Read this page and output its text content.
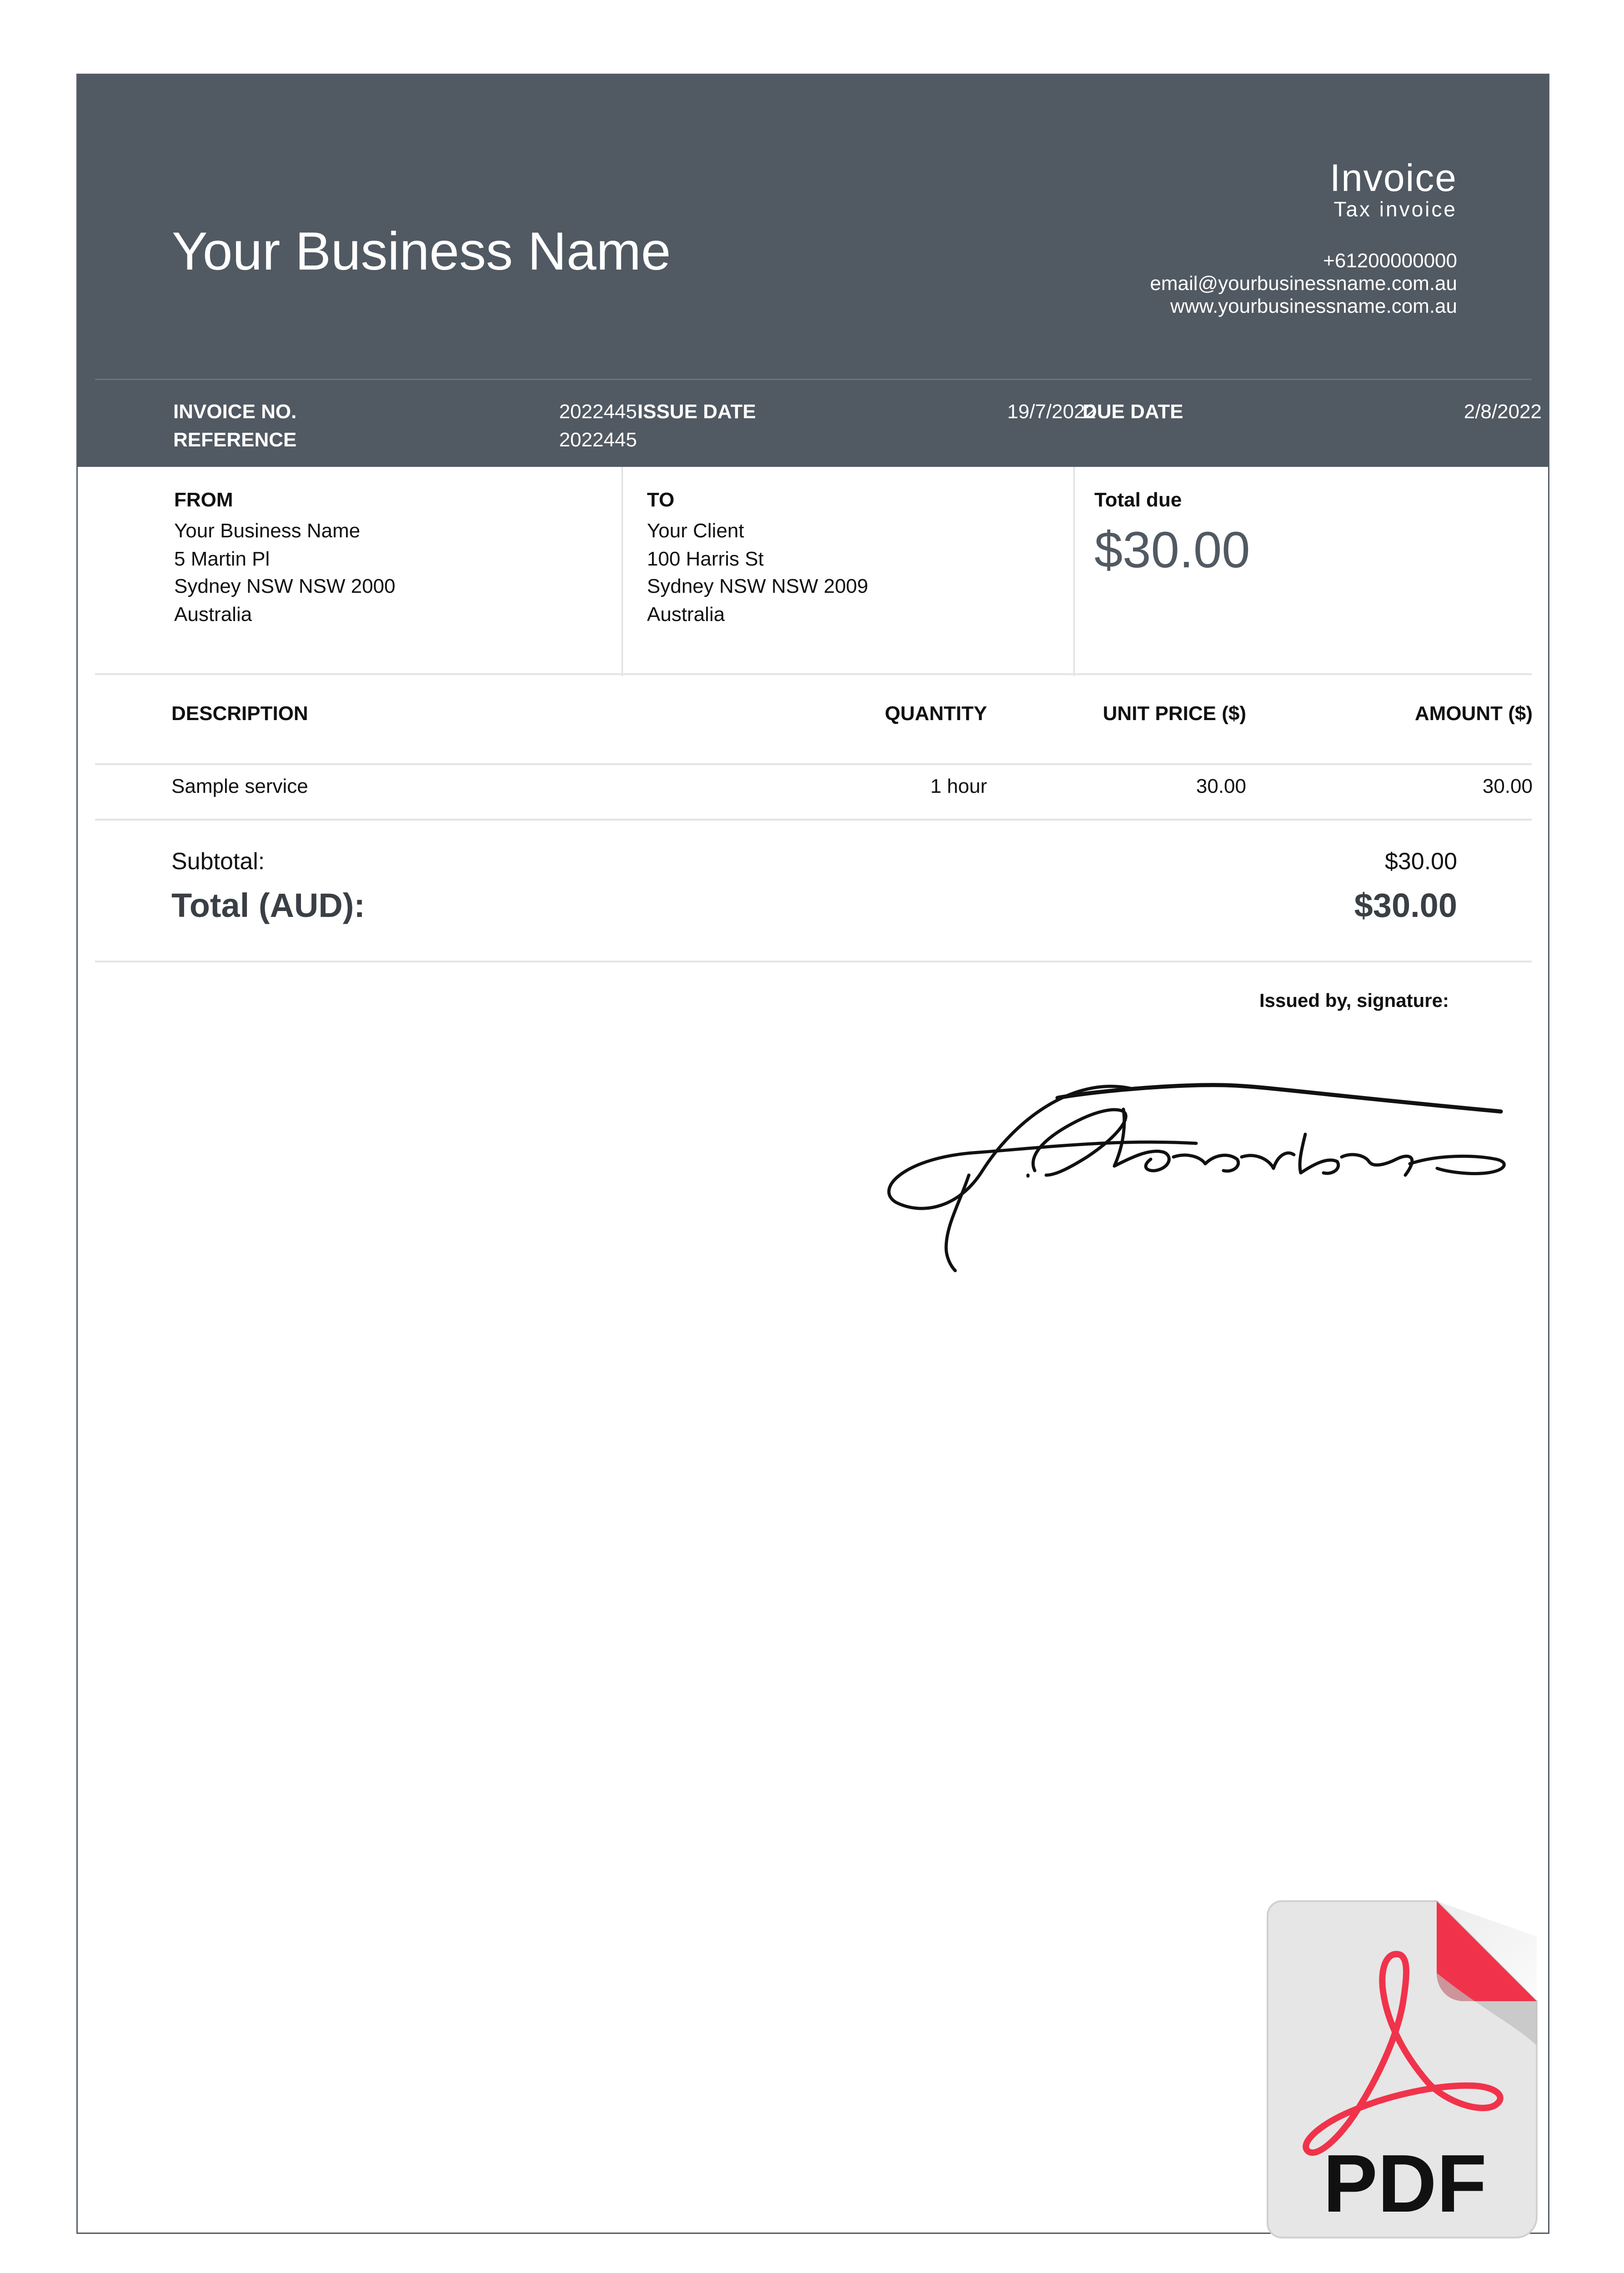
Your Business Name
Invoice
Tax invoice
+61200000000
email@yourbusinessname.com.au
www.yourbusinessname.com.au
INVOICE NO.	2022445
REFERENCE	2022445
ISSUE DATE	19/7/2022
DUE DATE	2/8/2022
FROM
Your Business Name
5 Martin Pl
Sydney NSW NSW 2000
Australia
TO
Your Client
100 Harris St
Sydney NSW NSW 2009
Australia
Total due
$30.00
DESCRIPTION	QUANTITY	UNIT PRICE ($)	AMOUNT ($)
Sample service	1 hour	30.00	30.00
Subtotal:	$30.00
Total (AUD):	$30.00
Issued by, signature:
PDF
